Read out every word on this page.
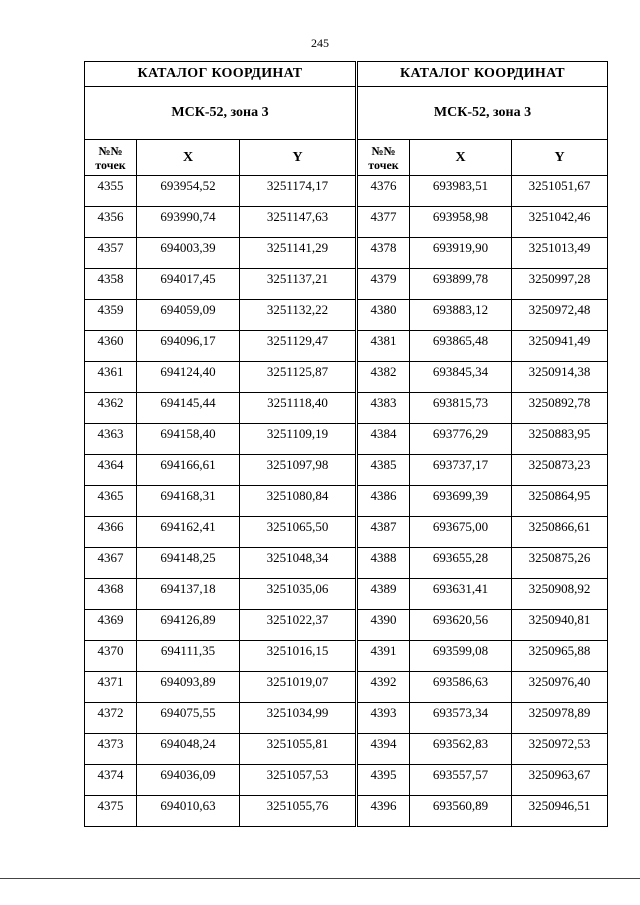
245
КАТАЛОГ КООРДИНАТ		
МСК-52, зона 3		
№№
точек	X	Y
4355	693954,52	3251174,17
4356	693990,74	3251147,63
4357	694003,39	3251141,29
4358	694017,45	3251137,21
4359	694059,09	3251132,22
4360	694096,17	3251129,47
4361	694124,40	3251125,87
4362	694145,44	3251118,40
4363	694158,40	3251109,19
4364	694166,61	3251097,98
4365	694168,31	3251080,84
4366	694162,41	3251065,50
4367	694148,25	3251048,34
4368	694137,18	3251035,06
4369	694126,89	3251022,37
4370	694111,35	3251016,15
4371	694093,89	3251019,07
4372	694075,55	3251034,99
4373	694048,24	3251055,81
4374	694036,09	3251057,53
4375	694010,63	3251055,76
КАТАЛОГ КООРДИНАТ		
МСК-52, зона 3		
№№
точек	X	Y
4376	693983,51	3251051,67
4377	693958,98	3251042,46
4378	693919,90	3251013,49
4379	693899,78	3250997,28
4380	693883,12	3250972,48
4381	693865,48	3250941,49
4382	693845,34	3250914,38
4383	693815,73	3250892,78
4384	693776,29	3250883,95
4385	693737,17	3250873,23
4386	693699,39	3250864,95
4387	693675,00	3250866,61
4388	693655,28	3250875,26
4389	693631,41	3250908,92
4390	693620,56	3250940,81
4391	693599,08	3250965,88
4392	693586,63	3250976,40
4393	693573,34	3250978,89
4394	693562,83	3250972,53
4395	693557,57	3250963,67
4396	693560,89	3250946,51
